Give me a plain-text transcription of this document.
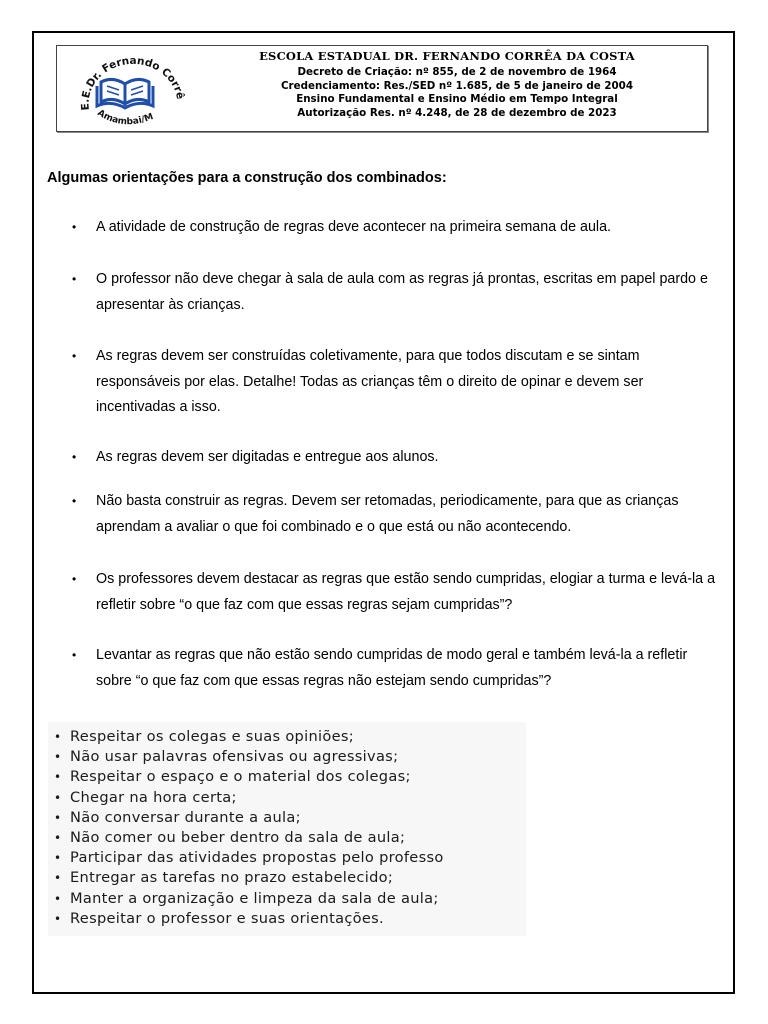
E.E.Dr. Fernando Corrê
Amambai/M
ESCOLA ESTADUAL DR. FERNANDO CORRÊA DA COSTA
Decreto de Criação: nº 855, de 2 de novembro de 1964
Credenciamento: Res./SED nº 1.685, de 5 de janeiro de 2004
Ensino Fundamental e Ensino Médio em Tempo Integral
Autorização Res. nº 4.248, de 28 de dezembro de 2023
Algumas orientações para a construção dos combinados:
•	A atividade de construção de regras deve acontecer na primeira semana de aula.
•	O professor não deve chegar à sala de aula com as regras já prontas, escritas em papel pardo e apresentar às crianças.
•	As regras devem ser construídas coletivamente, para que todos discutam e se sintam responsáveis por elas. Detalhe! Todas as crianças têm o direito de opinar e devem ser incentivadas a isso.
•	As regras devem ser digitadas e entregue aos alunos.
•	Não basta construir as regras. Devem ser retomadas, periodicamente, para que as crianças aprendam a avaliar o que foi combinado e o que está ou não acontecendo.
•	Os professores devem destacar as regras que estão sendo cumpridas, elogiar a turma e levá-la a refletir sobre “o que faz com que essas regras sejam cumpridas”?
•	Levantar as regras que não estão sendo cumpridas de modo geral e também levá-la a refletir sobre “o que faz com que essas regras não estejam sendo cumpridas”?
• Respeitar os colegas e suas opiniões;
• Não usar palavras ofensivas ou agressivas;
• Respeitar o espaço e o material dos colegas;
• Chegar na hora certa;
• Não conversar durante a aula;
• Não comer ou beber dentro da sala de aula;
• Participar das atividades propostas pelo professo
• Entregar as tarefas no prazo estabelecido;
• Manter a organização e limpeza da sala de aula;
• Respeitar o professor e suas orientações.
